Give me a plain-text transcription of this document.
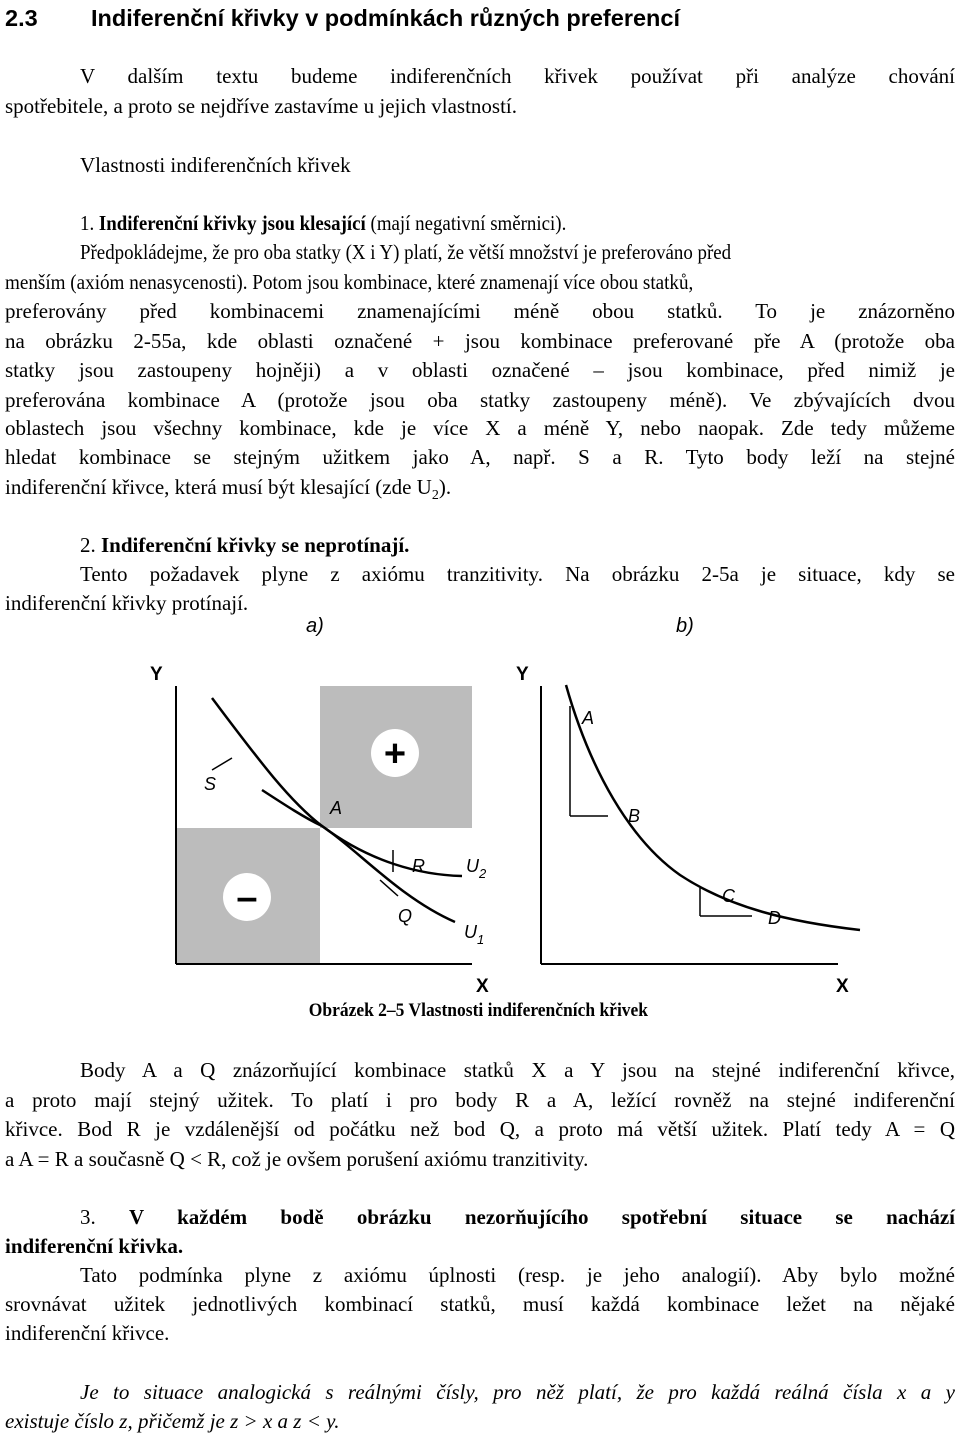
2.3 Indiferenční křivky v podmínkách různých preferencí
V dalším textu budeme indiferenčních křivek používat při analýze chování
spotřebitele, a proto se nejdříve zastavíme u jejich vlastností.
Vlastnosti indiferenčních křivek
1. Indiferenční křivky jsou klesající (mají negativní směrnici).
Předpokládejme, že pro oba statky (X i Y) platí, že větší množství je preferováno před
menším (axióm nenasycenosti). Potom jsou kombinace, které znamenají více obou statků,
preferovány před kombinacemi znamenajícími méně obou statků. To je znázorněno
na obrázku 2-55a, kde oblasti označené + jsou kombinace preferované pře A (protože oba
statky jsou zastoupeny hojněji) a v oblasti označené – jsou kombinace, před nimiž je
preferována kombinace A (protože jsou oba statky zastoupeny méně). Ve zbývajících dvou
oblastech jsou všechny kombinace, kde je více X a méně Y, nebo naopak. Zde tedy můžeme
hledat kombinace se stejným užitkem jako A, např. S a R. Tyto body leží na stejné
indiferenční křivce, která musí být klesající (zde $U_2$).
2. Indiferenční křivky se neprotínají.
Tento požadavek plyne z axiómu tranzitivity. Na obrázku 2-5a je situace, kdy se
indiferenční křivky protínají.
a)	b)
Y
X
+
–
S
A
R
Q
$U_2$
$U_1$
Y
X
A
B
C
D
Obrázek 2–5 Vlastnosti indiferenčních křivek
Body A a Q znázorňující kombinace statků X a Y jsou na stejné indiferenční křivce,
a proto mají stejný užitek. To platí i pro body R a A, ležící rovněž na stejné indiferenční
křivce. Bod R je vzdálenější od počátku než bod Q, a proto má větší užitek. Platí tedy A = Q
a A = R a současně Q < R, což je ovšem porušení axiómu tranzitivity.
3. V každém bodě obrázku nezorňujícího spotřební situace se nachází
indiferenční křivka.
Tato podmínka plyne z axiómu úplnosti (resp. je jeho analogií). Aby bylo možné
srovnávat užitek jednotlivých kombinací statků, musí každá kombinace ležet na nějaké
indiferenční křivce.
Je to situace analogická s reálnými čísly, pro něž platí, že pro každá reálná čísla x a y
existuje číslo z, přičemž je z > x a z < y.
